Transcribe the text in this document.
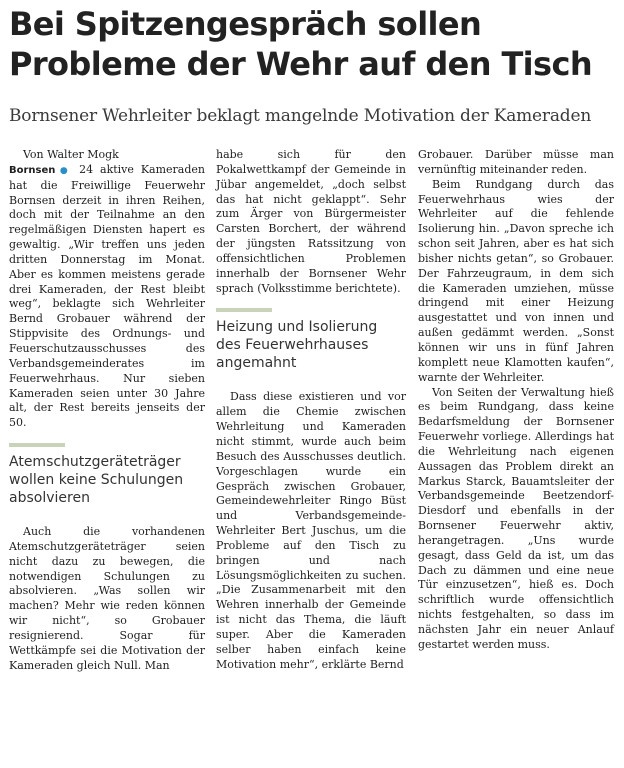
Bei Spitzengespräch sollen
Probleme der Wehr auf den Tisch
Bornsener Wehrleiter beklagt mangelnde Motivation der Kameraden

Von Walter Mogk

Bornsen● 24 aktive Kameraden hat die Freiwillige Feuerwehr Bornsen derzeit in ihren Reihen, doch mit der Teilnahme an den regelmäßigen Diensten hapert es gewaltig. „Wir treffen uns jeden dritten Donnerstag im Monat. Aber es kommen meistens gerade drei Kameraden, der Rest bleibt weg“, beklagte sich Wehrleiter Bernd Grobauer während der Stippvisite des Ordnungs- und Feuerschutzausschusses des Verbandsgemeinderates im Feuerwehrhaus. Nur sieben Kameraden seien unter 30 Jahre alt, der Rest bereits jenseits der 50.

Atemschutzgeräteträger wollen keine Schulungen absolvieren

Auch die vorhandenen Atemschutzgeräteträger seien nicht dazu zu bewegen, die notwendigen Schulungen zu absolvieren. „Was sollen wir machen? Mehr wie reden können wir nicht“, so Grobauer resignierend. Sogar für Wettkämpfe sei die Motivation der Kameraden gleich Null. Man

habe sich für den Pokalwettkampf der Gemeinde in Jübar angemeldet, „doch selbst das hat nicht geklappt“. Sehr zum Ärger von Bürgermeister Carsten Borchert, der während der jüngsten Ratssitzung von offensichtlichen Problemen innerhalb der Bornsener Wehr sprach (Volksstimme berichtete).

Heizung und Isolierung des Feuerwehrhauses angemahnt

Dass diese existieren und vor allem die Chemie zwischen Wehrleitung und Kameraden nicht stimmt, wurde auch beim Besuch des Ausschusses deutlich. Vorgeschlagen wurde ein Gespräch zwischen Grobauer, Gemeindewehrleiter Ringo Büst und Verbandsgemeinde-Wehrleiter Bert Juschus, um die Probleme auf den Tisch zu bringen und nach Lösungsmöglichkeiten zu suchen. „Die Zusammenarbeit mit den Wehren innerhalb der Gemeinde ist nicht das Thema, die läuft super. Aber die Kameraden selber haben einfach keine Motivation mehr“, erklärte Bernd

Grobauer. Darüber müsse man vernünftig miteinander reden.

Beim Rundgang durch das Feuerwehrhaus wies der Wehrleiter auf die fehlende Isolierung hin. „Davon spreche ich schon seit Jahren, aber es hat sich bisher nichts getan“, so Grobauer. Der Fahrzeugraum, in dem sich die Kameraden umziehen, müsse dringend mit einer Heizung ausgestattet und von innen und außen gedämmt werden. „Sonst können wir uns in fünf Jahren komplett neue Klamotten kaufen“, warnte der Wehrleiter.

Von Seiten der Verwaltung hieß es beim Rundgang, dass keine Bedarfsmeldung der Bornsener Feuerwehr vorliege. Allerdings hat die Wehrleitung nach eigenen Aussagen das Problem direkt an Markus Starck, Bauamtsleiter der Verbandsgemeinde Beetzendorf-Diesdorf und ebenfalls in der Bornsener Feuerwehr aktiv, herangetragen. „Uns wurde gesagt, dass Geld da ist, um das Dach zu dämmen und eine neue Tür einzusetzen“, hieß es. Doch schriftlich wurde offensichtlich nichts festgehalten, so dass im nächsten Jahr ein neuer Anlauf gestartet werden muss.
